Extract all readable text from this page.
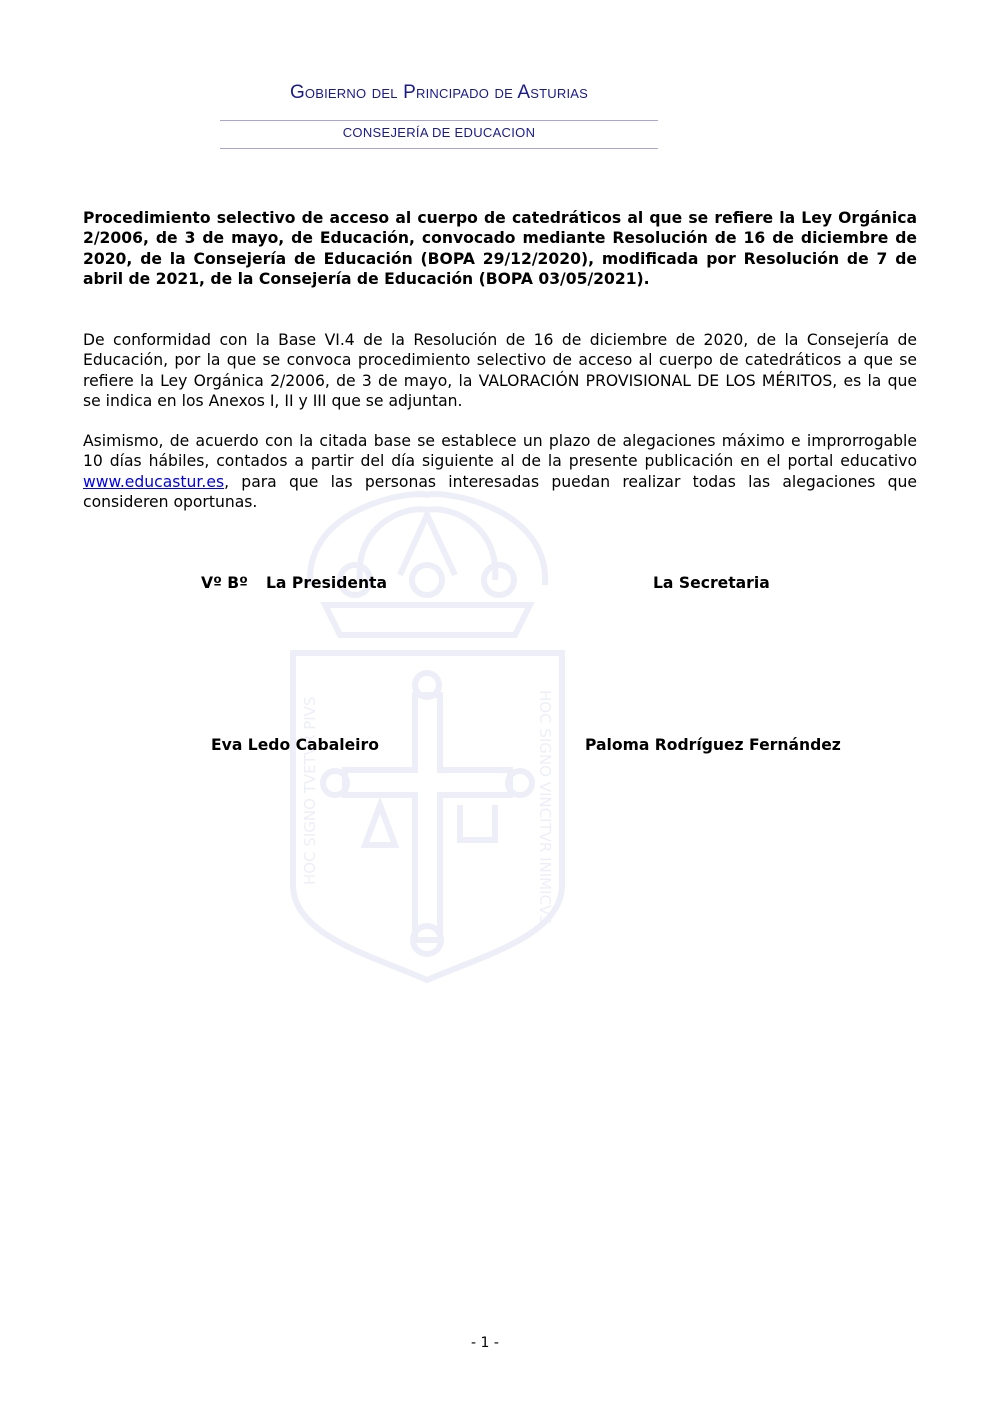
Gobierno del Principado de Asturias
CONSEJERÍA DE EDUCACION
HOC SIGNO TVETVR PIVS	HOC SIGNO VINCITVR INIMICVS
Procedimiento selectivo de acceso al cuerpo de catedráticos al que se refiere la Ley Orgánica 2/2006, de 3 de mayo, de Educación, convocado mediante Resolución de 16 de diciembre de 2020, de la Consejería de Educación (BOPA 29/12/2020), modificada por Resolución de 7 de abril de 2021, de la Consejería de Educación (BOPA 03/05/2021).
De conformidad con la Base VI.4 de la Resolución de 16 de diciembre de 2020, de la Consejería de Educación, por la que se convoca procedimiento selectivo de acceso al cuerpo de catedráticos a que se refiere la Ley Orgánica 2/2006, de 3 de mayo, la VALORACIÓN PROVISIONAL DE LOS MÉRITOS, es la que se indica en los Anexos I, II y III que se adjuntan.
Asimismo, de acuerdo con la citada base se establece un plazo de alegaciones máximo e improrrogable 10 días hábiles, contados a partir del día siguiente al de la presente publicación en el portal educativo www.educastur.es, para que las personas interesadas puedan realizar todas las alegaciones que consideren oportunas.
Vº Bº La Presidenta	La Secretaria
Eva Ledo Cabaleiro	Paloma Rodríguez Fernández
- 1 -
